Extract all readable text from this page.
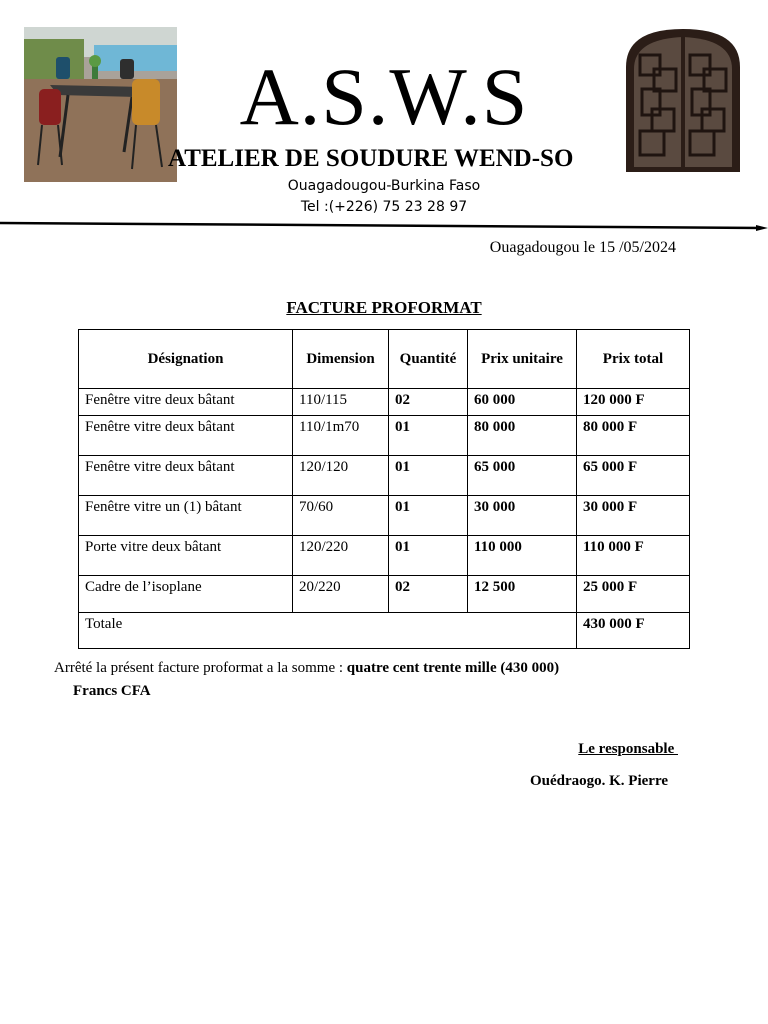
A.S.W.S
ATELIER DE SOUDURE WEND-SO
Ouagadougou-Burkina Faso
Tel :(+226) 75 23 28 97
Ouagadougou le 15 /05/2024
FACTURE PROFORMAT
Désignation	Dimension	Quantité	Prix unitaire	Prix total
Fenêtre vitre deux bâtant	110/115	02	60 000	120 000 F
Fenêtre vitre deux bâtant	110/1m70	01	80 000	80 000 F
Fenêtre vitre deux bâtant	120/120	01	65 000	65 000 F
Fenêtre vitre un (1) bâtant	70/60	01	30 000	30 000 F
Porte vitre deux bâtant	120/220	01	110 000	110 000 F
Cadre de l’isoplane	20/220	02	12 500	25 000 F
Totale				430 000 F
Arrêté la présent facture proformat a la somme : quatre cent trente mille (430 000)
Francs CFA
Le responsable
Ouédraogo. K. Pierre
